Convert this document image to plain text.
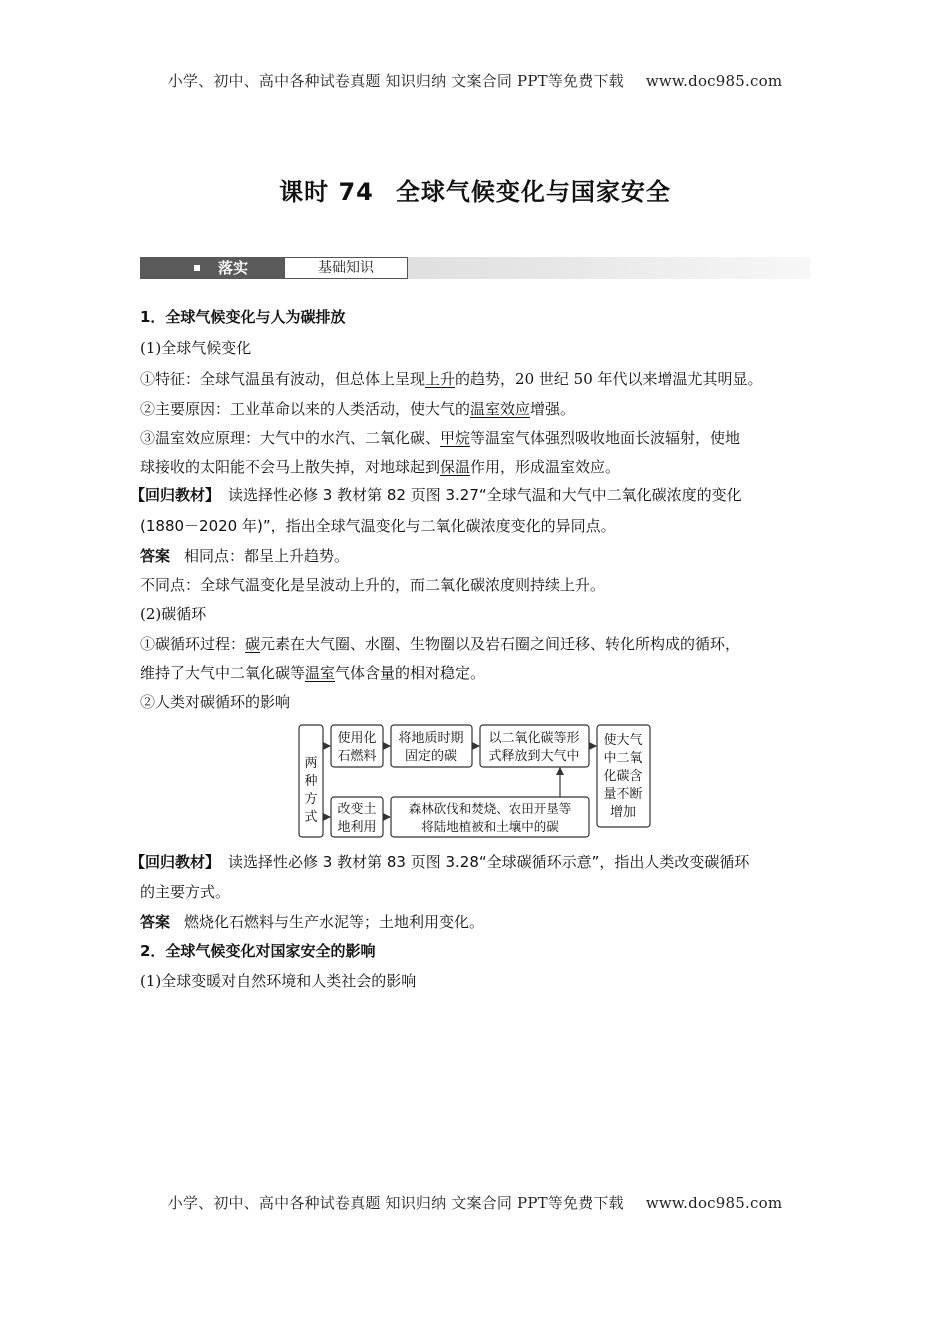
小学、初中、高中各种试卷真题 知识归纳 文案合同 PPT等免费下载 www.doc985.com
课时 74 全球气候变化与国家安全
落实	基础知识
1．全球气候变化与人为碳排放
(1)全球气候变化
①特征：全球气温虽有波动，但总体上呈现上升的趋势，20 世纪 50 年代以来增温尤其明显。
②主要原因：工业革命以来的人类活动，使大气的温室效应增强。
③温室效应原理：大气中的水汽、二氧化碳、甲烷等温室气体强烈吸收地面长波辐射，使地
球接收的太阳能不会马上散失掉，对地球起到保温作用，形成温室效应。
【回归教材】 读选择性必修 3 教材第 82 页图 3.27“全球气温和大气中二氧化碳浓度的变化
(1880－2020 年)”，指出全球气温变化与二氧化碳浓度变化的异同点。
答案 相同点：都呈上升趋势。
不同点：全球气温变化是呈波动上升的，而二氧化碳浓度则持续上升。
(2)碳循环
①碳循环过程：碳元素在大气圈、水圈、生物圈以及岩石圈之间迁移、转化所构成的循环，
维持了大气中二氧化碳等温室气体含量的相对稳定。
②人类对碳循环的影响
两
种
方
式
使用化
石燃料
将地质时期
固定的碳
以二氧化碳等形
式释放到大气中
改变土
地利用
森林砍伐和焚烧、农田开垦等
将陆地植被和土壤中的碳
使大气
中二氧
化碳含
量不断
增加
【回归教材】 读选择性必修 3 教材第 83 页图 3.28“全球碳循环示意”，指出人类改变碳循环
的主要方式。
答案 燃烧化石燃料与生产水泥等；土地利用变化。
2．全球气候变化对国家安全的影响
(1)全球变暖对自然环境和人类社会的影响
小学、初中、高中各种试卷真题 知识归纳 文案合同 PPT等免费下载 www.doc985.com
